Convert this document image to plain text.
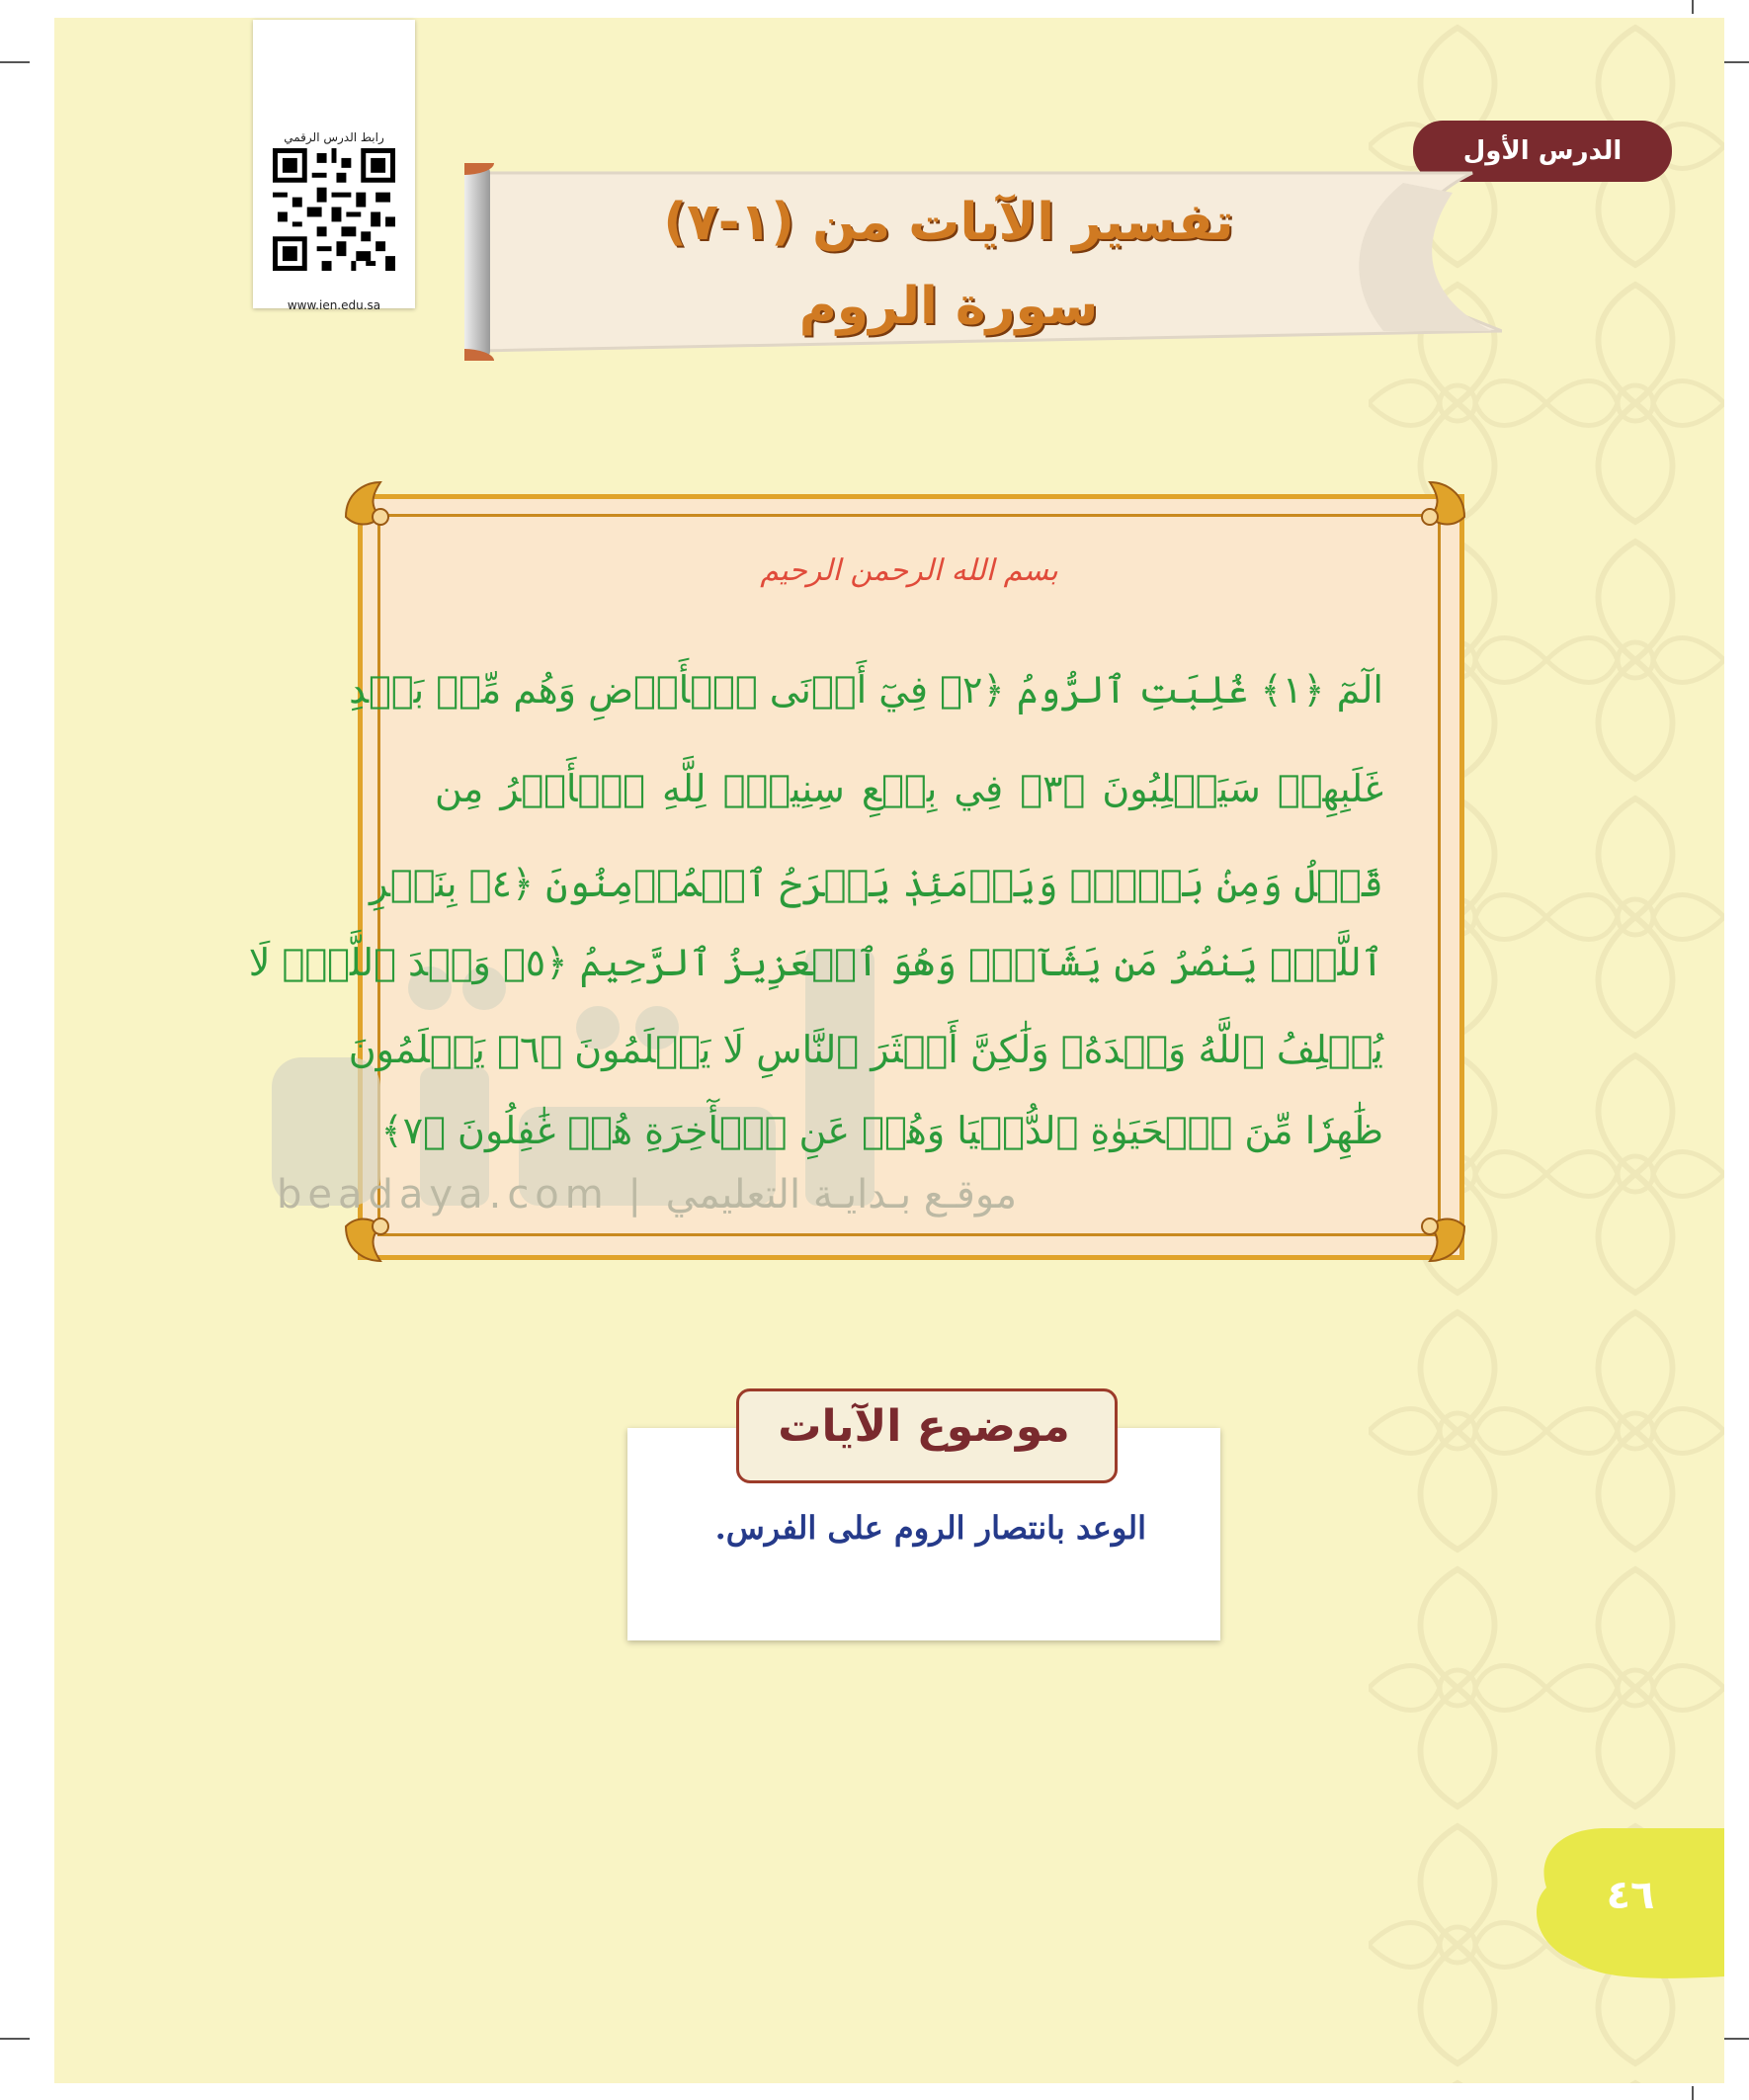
رابط الدرس الرقمي
www.ien.edu.sa
الدرس الأول
تفسير الآيات من (١-٧)
سورة الروم
بسم الله الرحمن الرحيم
الٓمٓ ﴿١﴾ غُلِبَتِ ٱلرُّومُ ﴿٢﴾ فِيٓ أَدۡنَى ٱلۡأَرۡضِ وَهُم مِّنۢ بَعۡدِ
غَلَبِهِمۡ سَيَغۡلِبُونَ ﴿٣﴾ فِي بِضۡعِ سِنِينَۗ لِلَّهِ ٱلۡأَمۡرُ مِن
قَبۡلُ وَمِنۢ بَعۡدُۚ وَيَوۡمَئِذٖ يَفۡرَحُ ٱلۡمُؤۡمِنُونَ ﴿٤﴾ بِنَصۡرِ
ٱللَّهِۚ يَنصُرُ مَن يَشَآءُۖ وَهُوَ ٱلۡعَزِيزُ ٱلرَّحِيمُ ﴿٥﴾ وَعۡدَ ٱللَّهِۖ لَا
يُخۡلِفُ ٱللَّهُ وَعۡدَهُۥ وَلَٰكِنَّ أَكۡثَرَ ٱلنَّاسِ لَا يَعۡلَمُونَ ﴿٦﴾ يَعۡلَمُونَ
ظَٰهِرٗا مِّنَ ٱلۡحَيَوٰةِ ٱلدُّنۡيَا وَهُمۡ عَنِ ٱلۡأٓخِرَةِ هُمۡ غَٰفِلُونَ ﴿٧﴾
beadaya.com | موقـع بـدايـة التعليمي
موضوع الآيات
الوعد بانتصار الروم على الفرس.
٤٦
